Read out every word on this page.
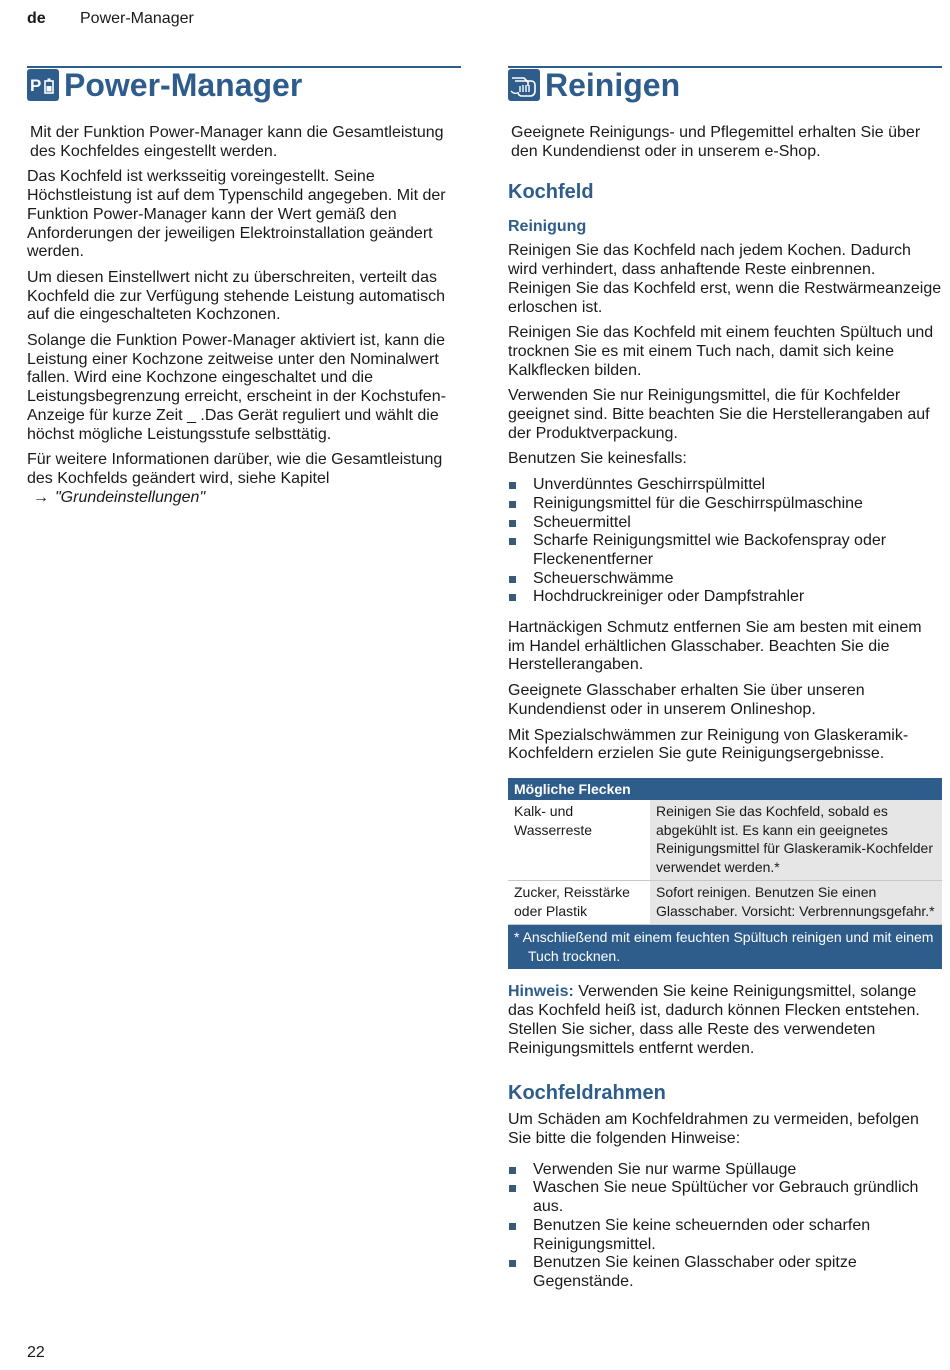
de Power-Manager
P Power-Manager

Mit der Funktion Power-Manager kann die Gesamtleistung des Kochfeldes eingestellt werden.

Das Kochfeld ist werksseitig voreingestellt. Seine Höchstleistung ist auf dem Typenschild angegeben. Mit der Funktion Power-Manager kann der Wert gemäß den Anforderungen der jeweiligen Elektroinstallation geändert werden.

Um diesen Einstellwert nicht zu überschreiten, verteilt das Kochfeld die zur Verfügung stehende Leistung automatisch auf die eingeschalteten Kochzonen.

Solange die Funktion Power-Manager aktiviert ist, kann die Leistung einer Kochzone zeitweise unter den Nominalwert fallen. Wird eine Kochzone eingeschaltet und die Leistungsbegrenzung erreicht, erscheint in der Kochstufen-Anzeige für kurze Zeit _ .Das Gerät reguliert und wählt die höchst mögliche Leistungsstufe selbsttätig.

Für weitere Informationen darüber, wie die Gesamtleistung des Kochfelds geändert wird, siehe Kapitel → "Grundeinstellungen"

Reinigen

Geeignete Reinigungs- und Pflegemittel erhalten Sie über den Kundendienst oder in unserem e-Shop.

Kochfeld
Reinigung

Reinigen Sie das Kochfeld nach jedem Kochen. Dadurch wird verhindert, dass anhaftende Reste einbrennen. Reinigen Sie das Kochfeld erst, wenn die Restwärmeanzeige erloschen ist.

Reinigen Sie das Kochfeld mit einem feuchten Spültuch und trocknen Sie es mit einem Tuch nach, damit sich keine Kalkflecken bilden.

Verwenden Sie nur Reinigungsmittel, die für Kochfelder geeignet sind. Bitte beachten Sie die Herstellerangaben auf der Produktverpackung.

Benutzen Sie keinesfalls:

Unverdünntes Geschirrspülmittel
Reinigungsmittel für die Geschirrspülmaschine
Scheuermittel
Scharfe Reinigungsmittel wie Backofenspray oder Fleckenentferner
Scheuerschwämme
Hochdruckreiniger oder Dampfstrahler

Hartnäckigen Schmutz entfernen Sie am besten mit einem im Handel erhältlichen Glasschaber. Beachten Sie die Herstellerangaben.

Geeignete Glasschaber erhalten Sie über unseren Kundendienst oder in unserem Onlineshop.

Mit Spezialschwämmen zur Reinigung von Glaskeramik-Kochfeldern erzielen Sie gute Reinigungsergebnisse.

Mögliche Flecken	
Kalk- und Wasserreste	Reinigen Sie das Kochfeld, sobald es abgekühlt ist. Es kann ein geeignetes Reinigungsmittel für Glaskeramik-Kochfelder verwendet werden.*
Zucker, Reisstärke oder Plastik	Sofort reinigen. Benutzen Sie einen Glasschaber. Vorsicht: Verbrennungsgefahr.*
* Anschließend mit einem feuchten Spültuch reinigen und mit einem Tuch trocknen.	

Hinweis: Verwenden Sie keine Reinigungsmittel, solange das Kochfeld heiß ist, dadurch können Flecken entstehen. Stellen Sie sicher, dass alle Reste des verwendeten Reinigungsmittels entfernt werden.

Kochfeldrahmen

Um Schäden am Kochfeldrahmen zu vermeiden, befolgen Sie bitte die folgenden Hinweise:

Verwenden Sie nur warme Spüllauge
Waschen Sie neue Spültücher vor Gebrauch gründlich aus.
Benutzen Sie keine scheuernden oder scharfen Reinigungsmittel.
Benutzen Sie keinen Glasschaber oder spitze Gegenstände.
22
